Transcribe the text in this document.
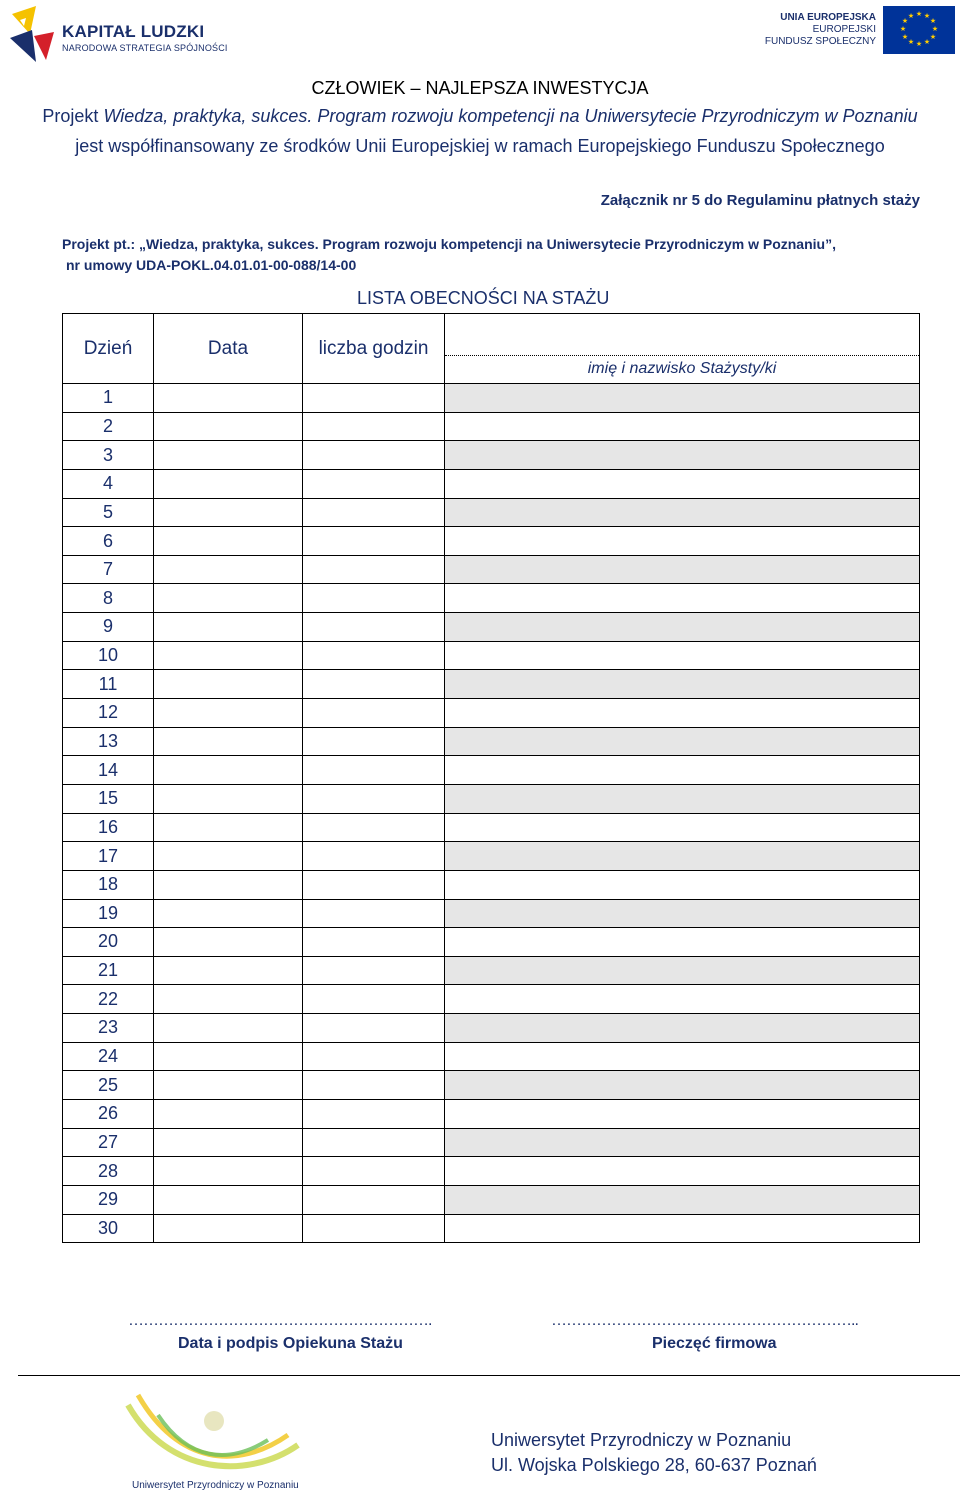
KAPITAŁ LUDZKI
NARODOWA STRATEGIA SPÓJNOŚCI
UNIA EUROPEJSKA
EUROPEJSKI
FUNDUSZ SPOŁECZNY
★ ★
★
★
★
★
★
★
★
★
★
★
CZŁOWIEK – NAJLEPSZA INWESTYCJA
Projekt Wiedza, praktyka, sukces. Program rozwoju kompetencji na Uniwersytecie Przyrodniczym w Poznaniu
jest współfinansowany ze środków Unii Europejskiej w ramach Europejskiego Funduszu Społecznego
Załącznik nr 5 do Regulaminu płatnych staży
Projekt pt.: „Wiedza, praktyka, sukces. Program rozwoju kompetencji na Uniwersytecie Przyrodniczym w Poznaniu”,
nr umowy UDA-POKL.04.01.01-00-088/14-00
LISTA OBECNOŚCI NA STAŻU
Dzień	Data	liczba godzin	imię i nazwisko Stażysty/ki

1			
2			
3			
4			
5			
6			
7			
8			
9			
10			
11			
12			
13			
14			
15			
16			
17			
18			
19			
20			
21			
22			
23			
24			
25			
26			
27			
28			
29			
30			
…………………………………………………….	……………………………………………………..
Data i podpis Opiekuna Stażu	Pieczęć firmowa
Uniwersytet Przyrodniczy w Poznaniu
Uniwersytet Przyrodniczy w Poznaniu
Ul. Wojska Polskiego 28, 60-637 Poznań
